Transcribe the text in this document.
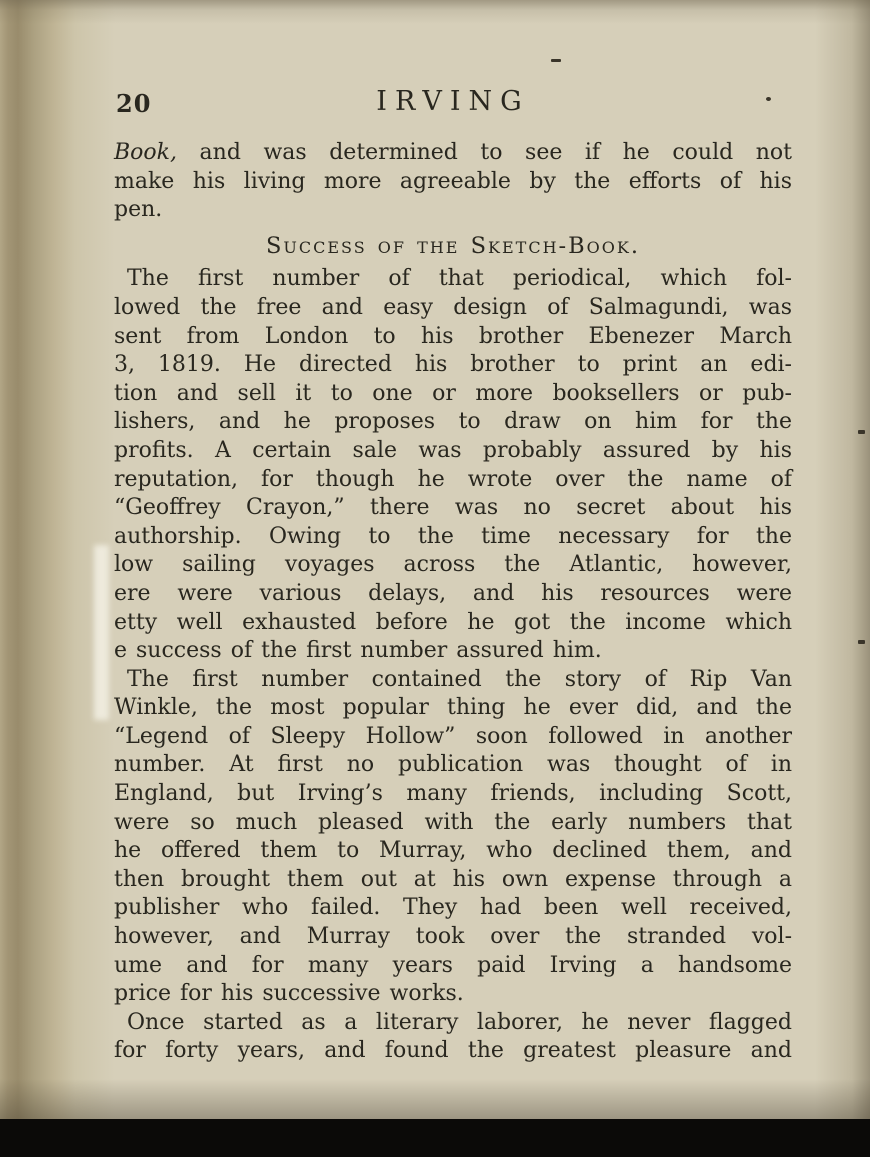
20	IRVING
Book, and was determined to see if he could not
make his living more agreeable by the efforts of his
pen.
Success of the Sketch-Book.
The first number of that periodical, which fol-
lowed the free and easy design of Salmagundi, was
sent from London to his brother Ebenezer March
3, 1819. He directed his brother to print an edi-
tion and sell it to one or more booksellers or pub-
lishers, and he proposes to draw on him for the
profits. A certain sale was probably assured by his
reputation, for though he wrote over the name of
“Geoffrey Crayon,” there was no secret about his
authorship. Owing to the time necessary for the
low sailing voyages across the Atlantic, however,
ere were various delays, and his resources were
etty well exhausted before he got the income which
e success of the first number assured him.
The first number contained the story of Rip Van
Winkle, the most popular thing he ever did, and the
“Legend of Sleepy Hollow” soon followed in another
number. At first no publication was thought of in
England, but Irving’s many friends, including Scott,
were so much pleased with the early numbers that
he offered them to Murray, who declined them, and
then brought them out at his own expense through a
publisher who failed. They had been well received,
however, and Murray took over the stranded vol-
ume and for many years paid Irving a handsome
price for his successive works.
Once started as a literary laborer, he never flagged
for forty years, and found the greatest pleasure and
